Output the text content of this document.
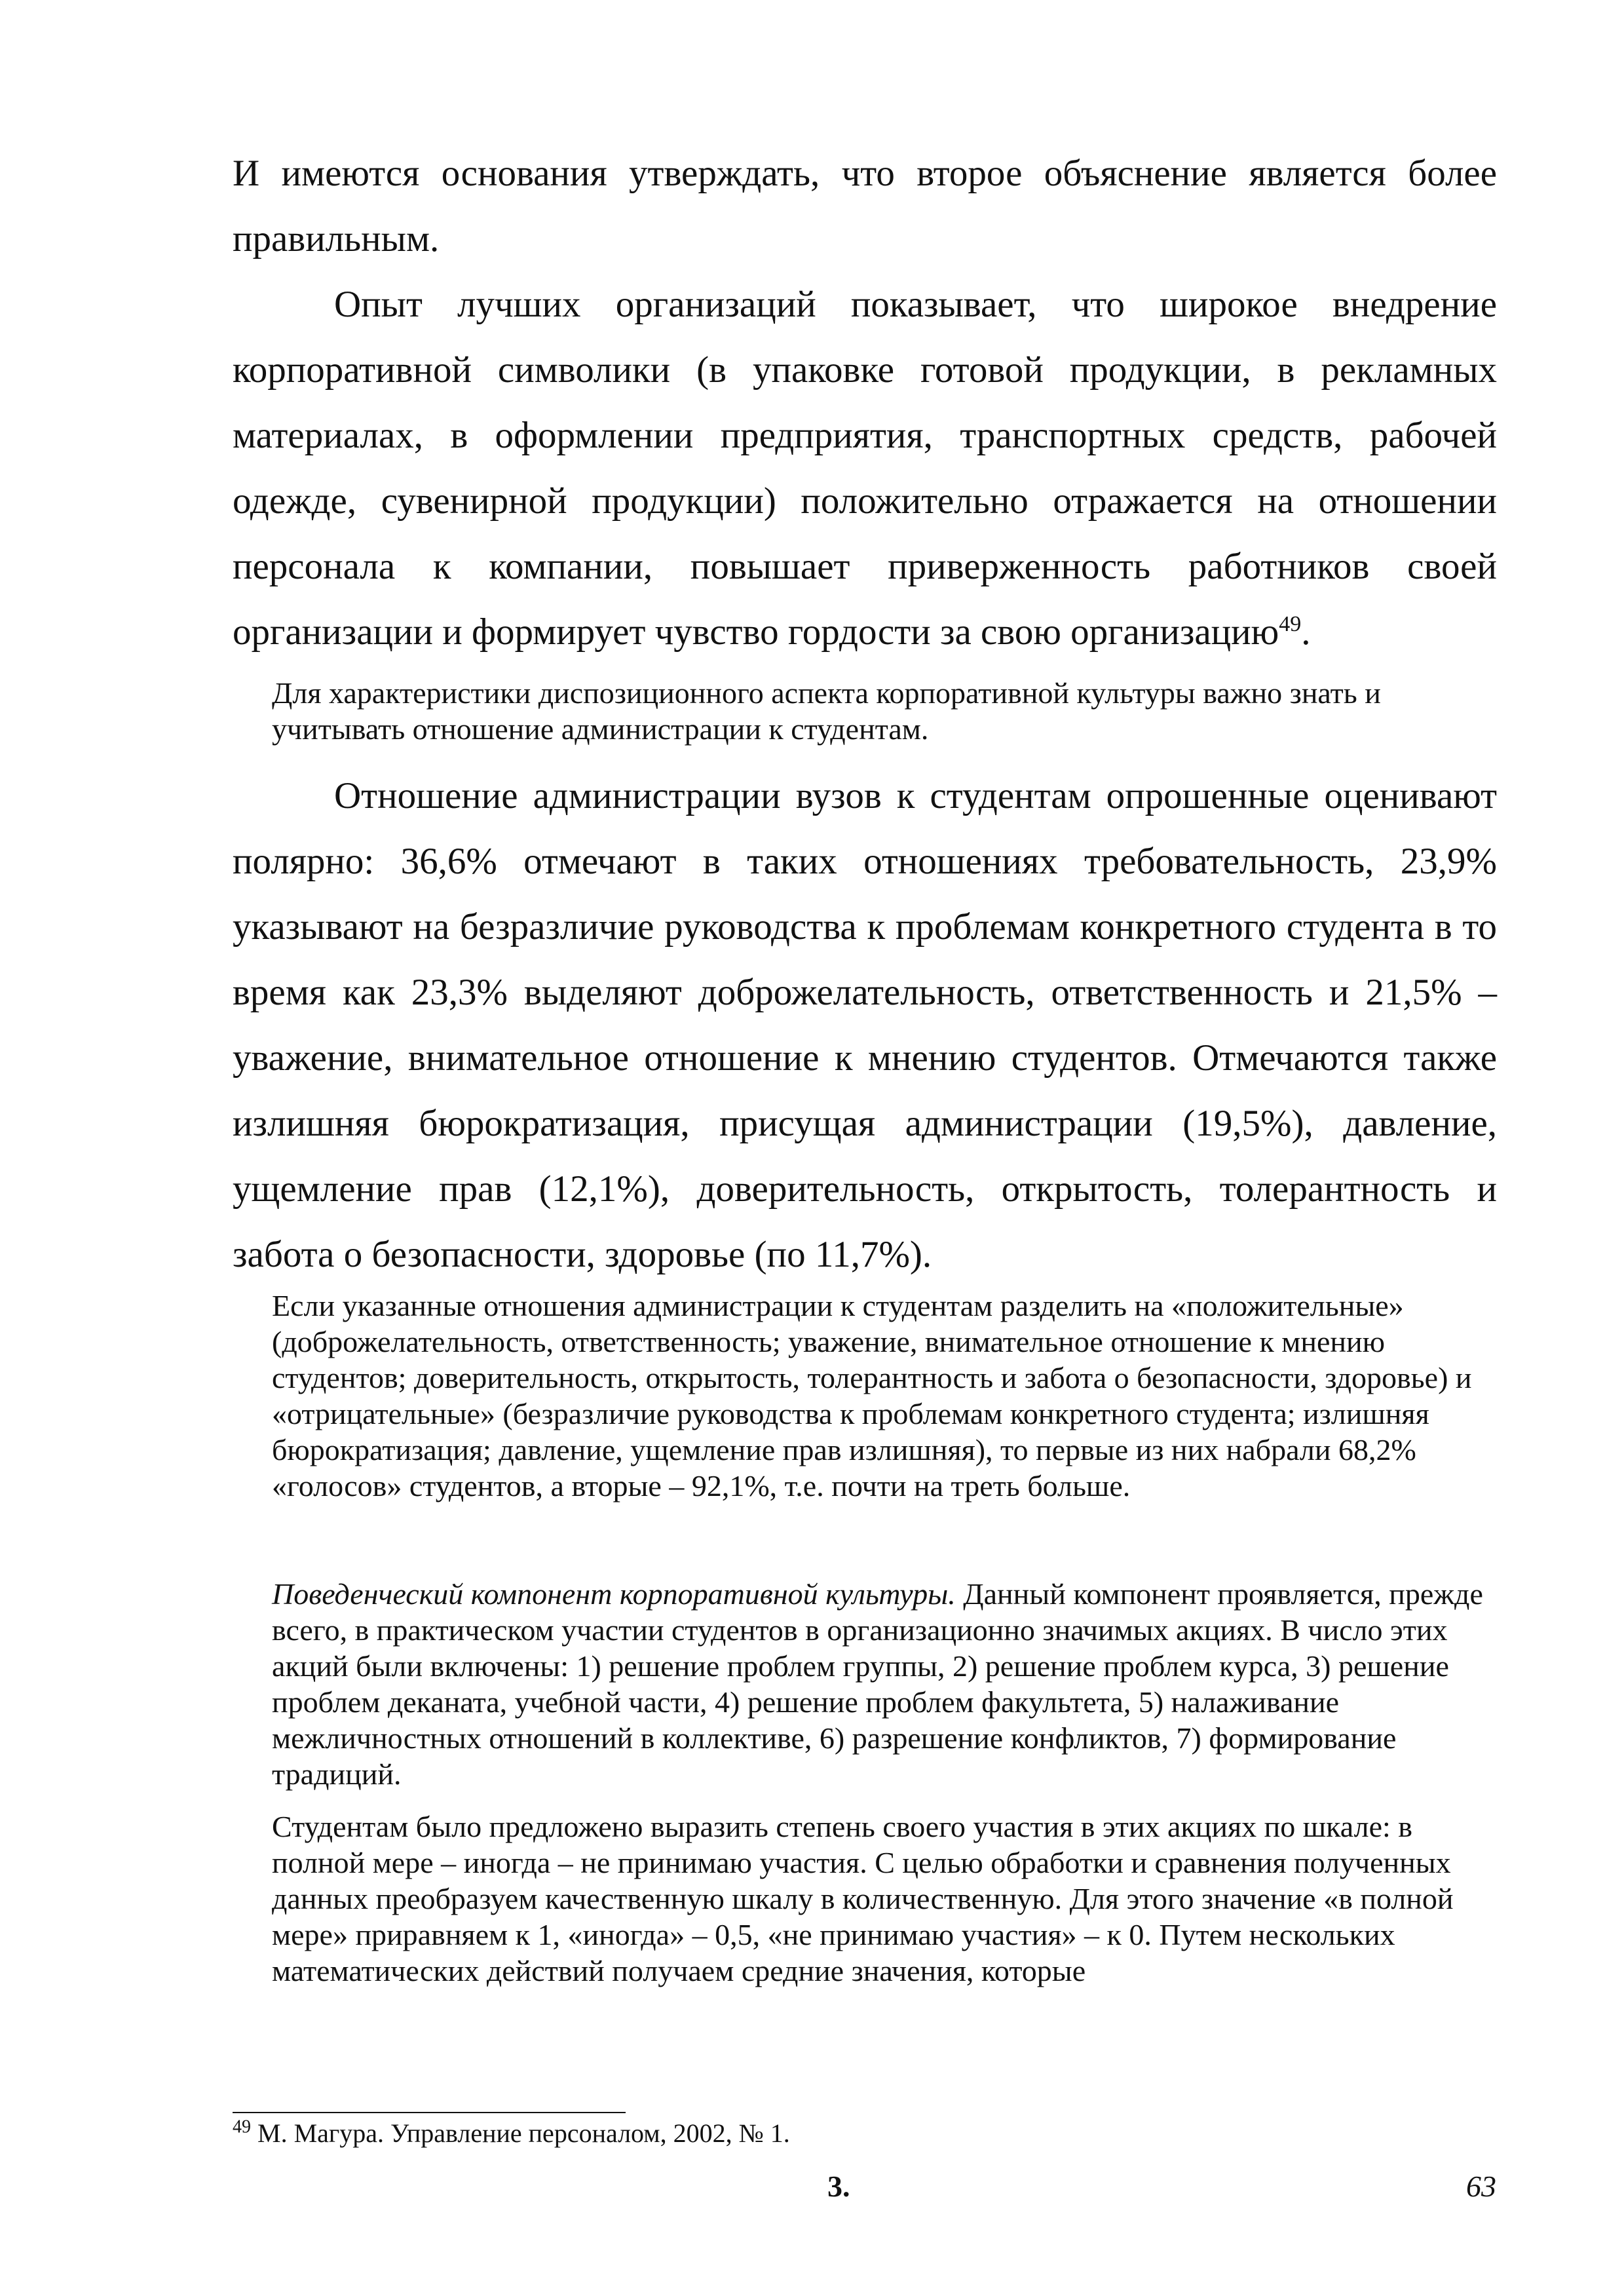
И имеются основания утверждать, что второе объяснение является более правильным.

Опыт лучших организаций показывает, что широкое внедрение корпоративной символики (в упаковке готовой продукции, в рекламных материалах, в оформлении предприятия, транспортных средств, рабочей одежде, сувенирной продукции) положительно отражается на отношении персонала к компании, повышает приверженность работников своей организации и формирует чувство гордости за свою организацию$^{49}$.

Для характеристики диспозиционного аспекта корпоративной культуры важно знать и учитывать отношение администрации к студентам.

Отношение администрации вузов к студентам опрошенные оценивают полярно: 36,6% отмечают в таких отношениях требовательность, 23,9% указывают на безразличие руководства к проблемам конкретного студента в то время как 23,3% выделяют доброжелательность, ответственность и 21,5% – уважение, внимательное отношение к мнению студентов. Отмечаются также излишняя бюрократизация, присущая администрации (19,5%), давление, ущемление прав (12,1%), доверительность, открытость, толерантность и забота о безопасности, здоровье (по 11,7%).

Если указанные отношения администрации к студентам разделить на «положительные» (доброжелательность, ответственность; уважение, внимательное отношение к мнению студентов; доверительность, открытость, толерантность и забота о безопасности, здоровье) и «отрицательные» (безразличие руководства к проблемам конкретного студента; излишняя бюрократизация; давление, ущемление прав излишняя), то первые из них набрали 68,2% «голосов» студентов, а вторые – 92,1%, т.е. почти на треть больше.

Поведенческий компонент корпоративной культуры. Данный компонент проявляется, прежде всего, в практическом участии студентов в организационно значимых акциях. В число этих акций были включены: 1) решение проблем группы, 2) решение проблем курса, 3) решение проблем деканата, учебной части, 4) решение проблем факультета, 5) налаживание межличностных отношений в коллективе, 6) разрешение конфликтов, 7) формирование традиций.

Студентам было предложено выразить степень своего участия в этих акциях по шкале: в полной мере – иногда – не принимаю участия. С целью обработки и сравнения полученных данных преобразуем качественную шкалу в количественную. Для этого значение «в полной мере» приравняем к 1, «иногда» – 0,5, «не принимаю участия» – к 0. Путем нескольких математических действий получаем средние значения, которые

$^{49}$ М. Магура. Управление персоналом, 2002, № 1.

3.	63
